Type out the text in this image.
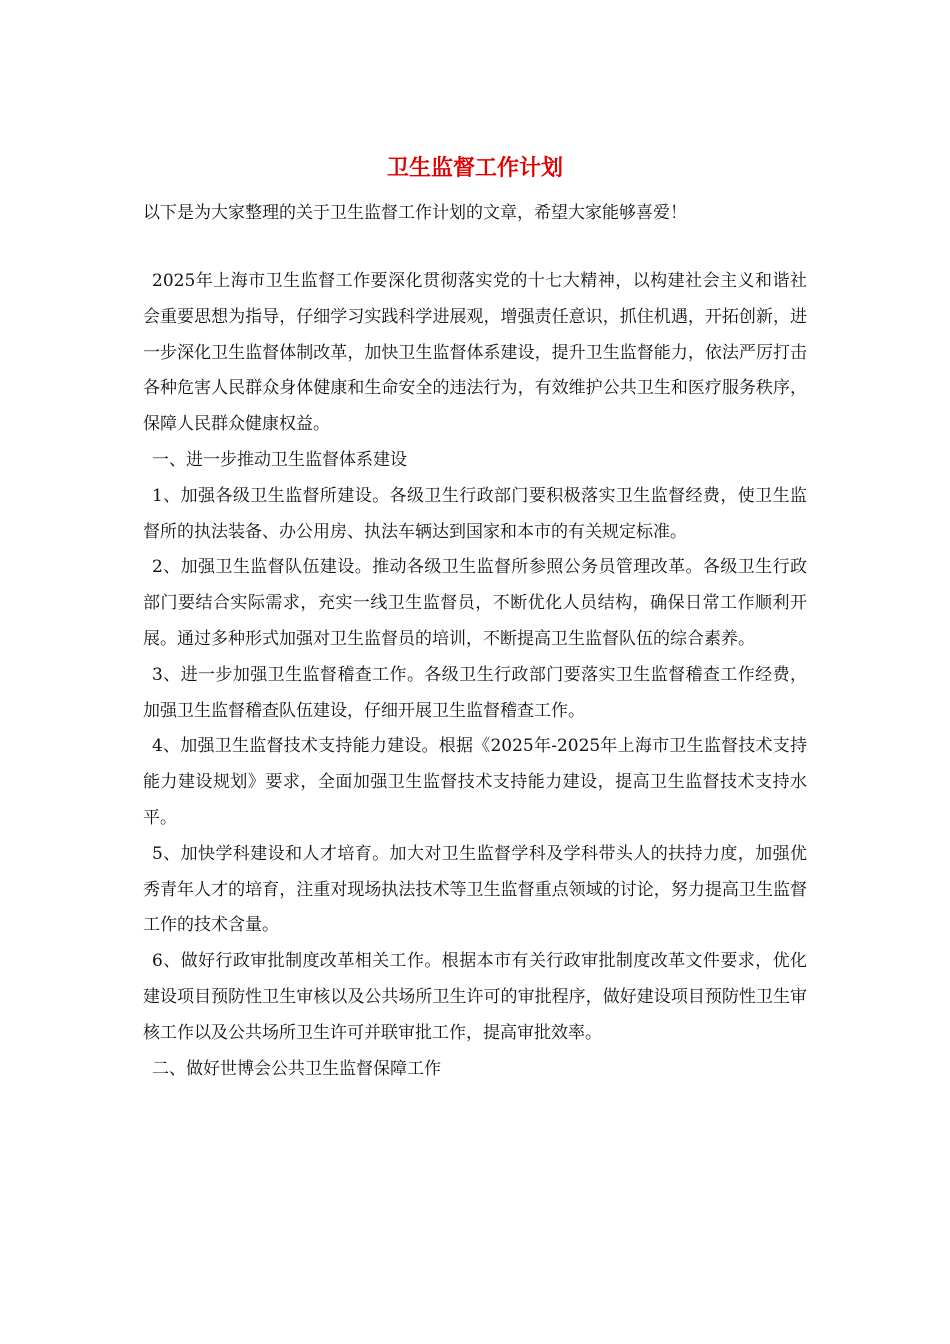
卫生监督工作计划
以下是为大家整理的关于卫生监督工作计划的文章，希望大家能够喜爱！

2025年上海市卫生监督工作要深化贯彻落实党的十七大精神，以构建社会主义和谐社会重要思想为指导，仔细学习实践科学进展观，增强责任意识，抓住机遇，开拓创新，进一步深化卫生监督体制改革，加快卫生监督体系建设，提升卫生监督能力，依法严厉打击各种危害人民群众身体健康和生命安全的违法行为，有效维护公共卫生和医疗服务秩序，保障人民群众健康权益。

一、进一步推动卫生监督体系建设

1、加强各级卫生监督所建设。各级卫生行政部门要积极落实卫生监督经费，使卫生监督所的执法装备、办公用房、执法车辆达到国家和本市的有关规定标准。

2、加强卫生监督队伍建设。推动各级卫生监督所参照公务员管理改革。各级卫生行政部门要结合实际需求，充实一线卫生监督员，不断优化人员结构，确保日常工作顺利开展。通过多种形式加强对卫生监督员的培训，不断提高卫生监督队伍的综合素养。

3、进一步加强卫生监督稽查工作。各级卫生行政部门要落实卫生监督稽查工作经费，加强卫生监督稽查队伍建设，仔细开展卫生监督稽查工作。

4、加强卫生监督技术支持能力建设。根据《2025年-2025年上海市卫生监督技术支持能力建设规划》要求，全面加强卫生监督技术支持能力建设，提高卫生监督技术支持水平。

5、加快学科建设和人才培育。加大对卫生监督学科及学科带头人的扶持力度，加强优秀青年人才的培育，注重对现场执法技术等卫生监督重点领域的讨论，努力提高卫生监督工作的技术含量。

6、做好行政审批制度改革相关工作。根据本市有关行政审批制度改革文件要求，优化建设项目预防性卫生审核以及公共场所卫生许可的审批程序，做好建设项目预防性卫生审核工作以及公共场所卫生许可并联审批工作，提高审批效率。

二、做好世博会公共卫生监督保障工作
